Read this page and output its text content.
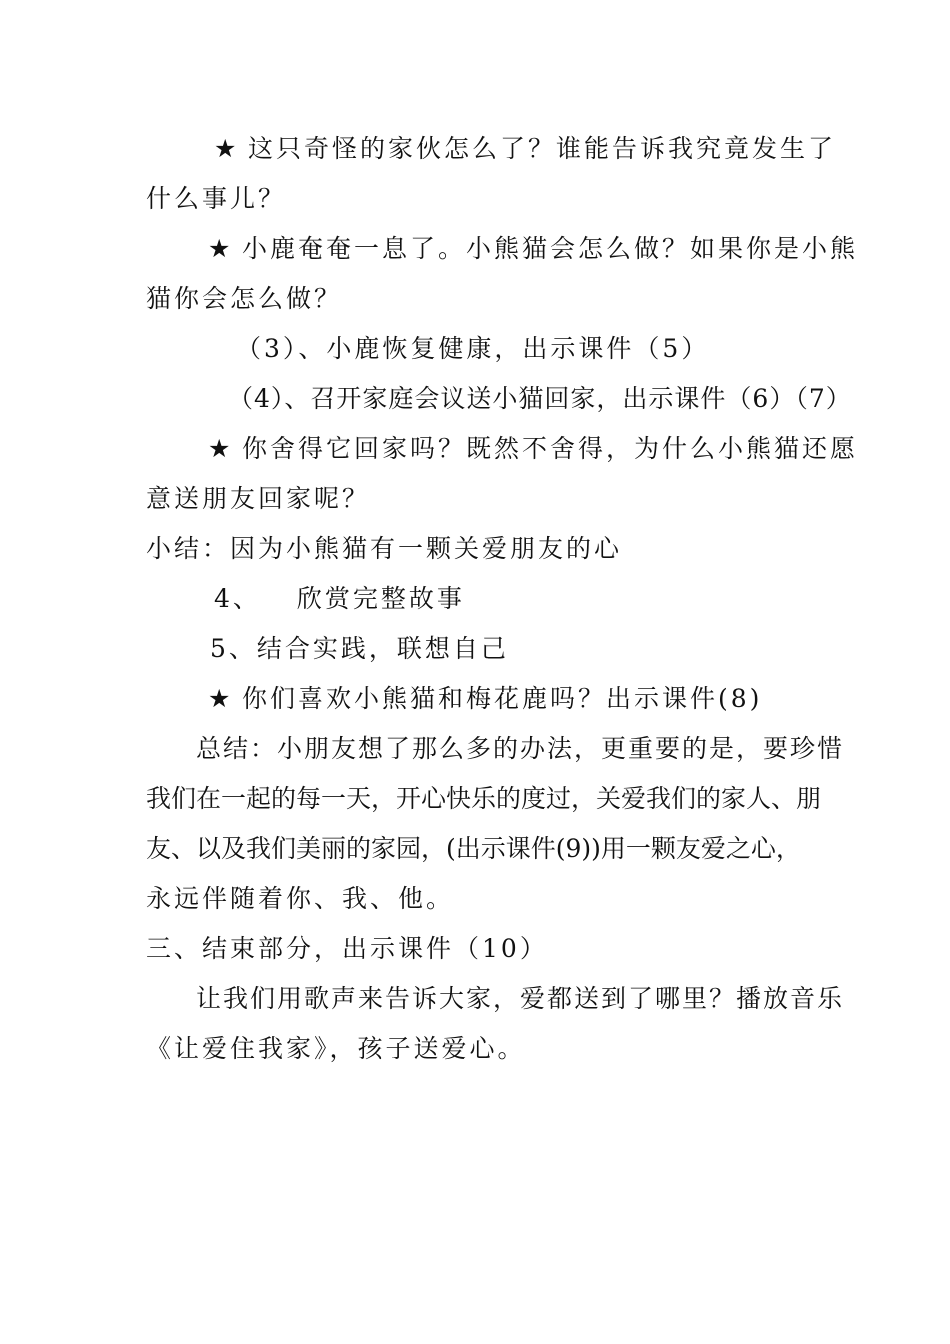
★ 这只奇怪的家伙怎么了？谁能告诉我究竟发生了
什么事儿？
★ 小鹿奄奄一息了。小熊猫会怎么做？如果你是小熊
猫你会怎么做？
（3）、小鹿恢复健康，出示课件（5）
（4）、召开家庭会议送小猫回家，出示课件（6）（7）
★ 你舍得它回家吗？既然不舍得，为什么小熊猫还愿
意送朋友回家呢？
小结：因为小熊猫有一颗关爱朋友的心
4、 欣赏完整故事
5、结合实践，联想自己
★ 你们喜欢小熊猫和梅花鹿吗？出示课件(8)
总结：小朋友想了那么多的办法，更重要的是，要珍惜
我们在一起的每一天，开心快乐的度过，关爱我们的家人、朋
友、以及我们美丽的家园，(出示课件(9))用一颗友爱之心，
永远伴随着你、我、他。
三、结束部分，出示课件（10）
让我们用歌声来告诉大家，爱都送到了哪里？播放音乐
《让爱住我家》，孩子送爱心。
